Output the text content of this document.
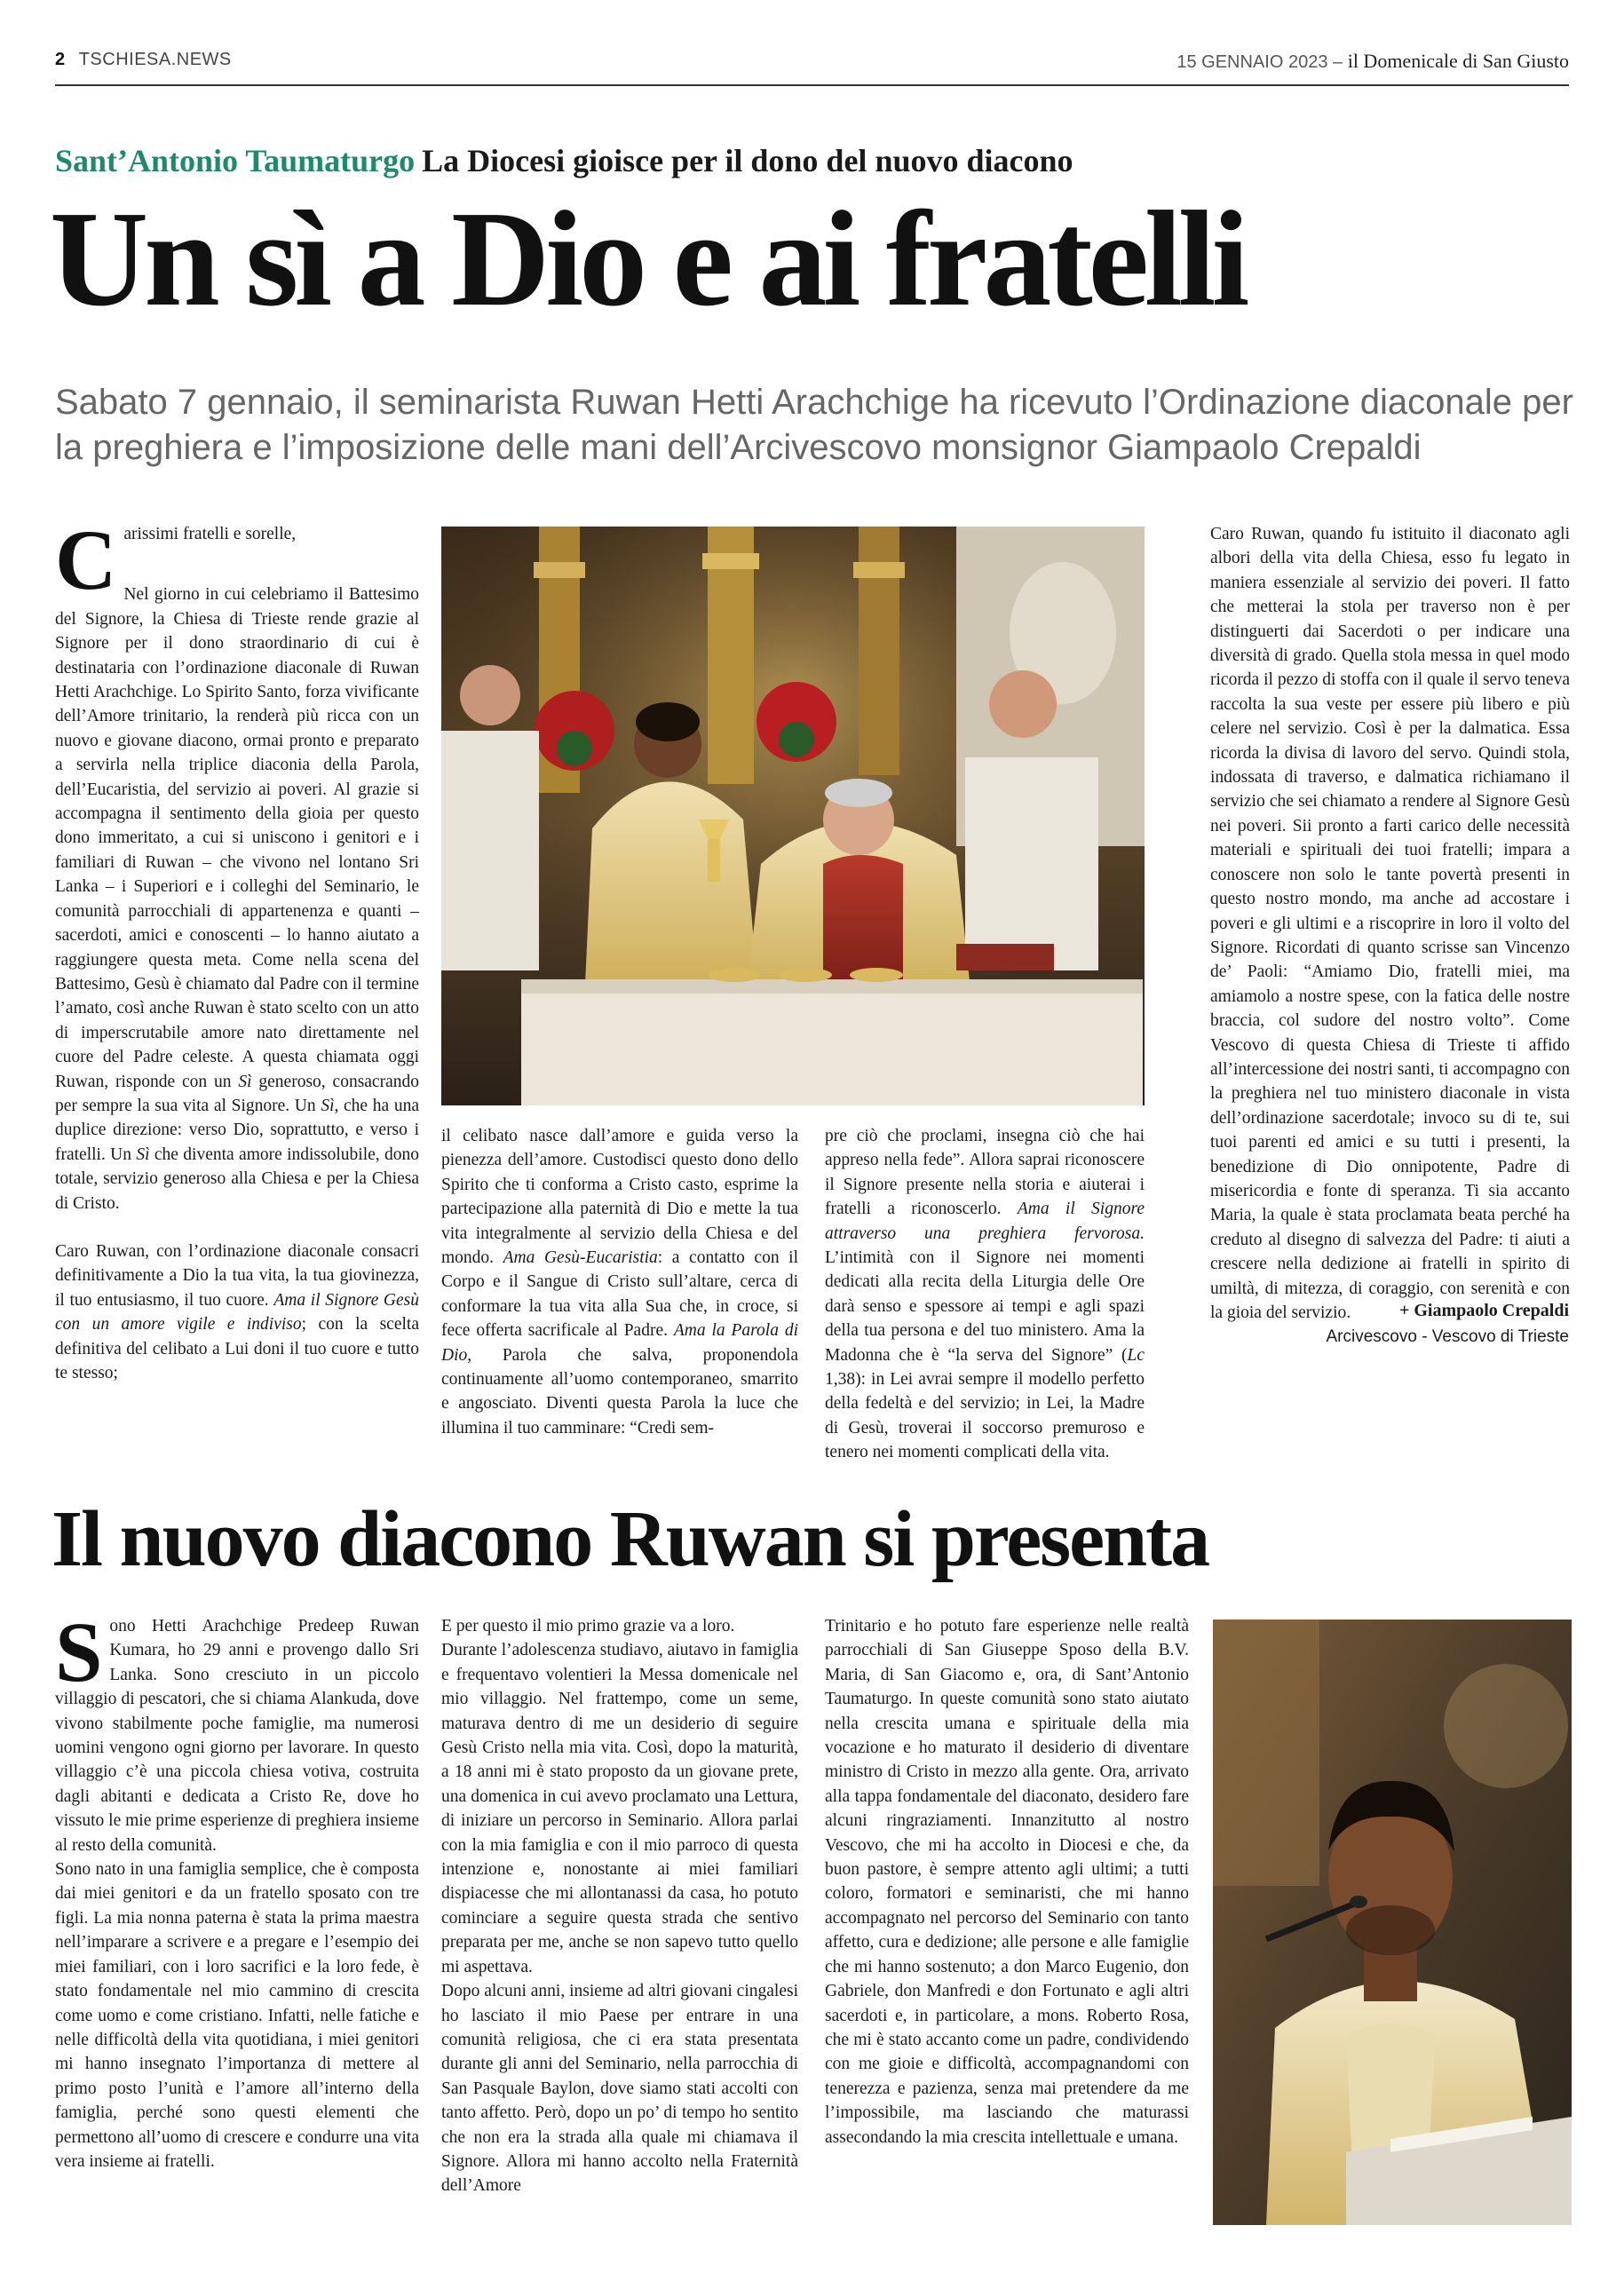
2 TSCHIESA.NEWS	15 GENNAIO 2023 – il Domenicale di San Giusto
Sant’Antonio Taumaturgo La Diocesi gioisce per il dono del nuovo diacono
Un sì a Dio e ai fratelli
Sabato 7 gennaio, il seminarista Ruwan Hetti Arachchige ha ricevuto l’Ordinazione diaconale per la preghiera e l’imposizione delle mani dell’Arcivescovo monsignor Giampaolo Crepaldi
C arissimi fratelli e sorelle,

Nel giorno in cui celebriamo il Battesimo del Signore, la Chiesa di Trieste rende grazie al Signore per il dono straordinario di cui è destinataria con l’ordinazione diaconale di Ruwan Hetti Arachchige. Lo Spirito Santo, forza vivificante dell’Amore trinitario, la renderà più ricca con un nuovo e giovane diacono, ormai pronto e preparato a servirla nella triplice diaconia della Parola, dell’Eucaristia, del servizio ai poveri. Al grazie si accompagna il sentimento della gioia per questo dono immeritato, a cui si uniscono i genitori e i familiari di Ruwan – che vivono nel lontano Sri Lanka – i Superiori e i colleghi del Seminario, le comunità parrocchiali di appartenenza e quanti – sacerdoti, amici e conoscenti – lo hanno aiutato a raggiungere questa meta. Come nella scena del Battesimo, Gesù è chiamato dal Padre con il termine l’amato, così anche Ruwan è stato scelto con un atto di imperscrutabile amore nato direttamente nel cuore del Padre celeste. A questa chiamata oggi Ruwan, risponde con un Sì generoso, consacrando per sempre la sua vita al Signore. Un Sì, che ha una duplice direzione: verso Dio, soprattutto, e verso i fratelli. Un Sì che diventa amore indissolubile, dono totale, servizio generoso alla Chiesa e per la Chiesa di Cristo.

Caro Ruwan, con l’ordinazione diaconale consacri definitivamente a Dio la tua vita, la tua giovinezza, il tuo entusiasmo, il tuo cuore. Ama il Signore Gesù con un amore vigile e indiviso; con la scelta definitiva del celibato a Lui doni il tuo cuore e tutto te stesso;

il celibato nasce dall’amore e guida verso la pienezza dell’amore. Custodisci questo dono dello Spirito che ti conforma a Cristo casto, esprime la partecipazione alla paternità di Dio e mette la tua vita integralmente al servizio della Chiesa e del mondo. Ama Gesù-Eucaristia: a contatto con il Corpo e il Sangue di Cristo sull’altare, cerca di conformare la tua vita alla Sua che, in croce, si fece offerta sacrificale al Padre. Ama la Parola di Dio, Parola che salva, proponendola continuamente all’uomo contemporaneo, smarrito e angosciato. Diventi questa Parola la luce che illumina il tuo camminare: “Credi sem-

pre ciò che proclami, insegna ciò che hai appreso nella fede”. Allora saprai riconoscere il Signore presente nella storia e aiuterai i fratelli a riconoscerlo. Ama il Signore attraverso una preghiera fervorosa. L’intimità con il Signore nei momenti dedicati alla recita della Liturgia delle Ore darà senso e spessore ai tempi e agli spazi della tua persona e del tuo ministero. Ama la Madonna che è “la serva del Signore” (Lc 1,38): in Lei avrai sempre il modello perfetto della fedeltà e del servizio; in Lei, la Madre di Gesù, troverai il soccorso premuroso e tenero nei momenti complicati della vita.

Caro Ruwan, quando fu istituito il diaconato agli albori della vita della Chiesa, esso fu legato in maniera essenziale al servizio dei poveri. Il fatto che metterai la stola per traverso non è per distinguerti dai Sacerdoti o per indicare una diversità di grado. Quella stola messa in quel modo ricorda il pezzo di stoffa con il quale il servo teneva raccolta la sua veste per essere più libero e più celere nel servizio. Così è per la dalmatica. Essa ricorda la divisa di lavoro del servo. Quindi stola, indossata di traverso, e dalmatica richiamano il servizio che sei chiamato a rendere al Signore Gesù nei poveri. Sii pronto a farti carico delle necessità materiali e spirituali dei tuoi fratelli; impara a conoscere non solo le tante povertà presenti in questo nostro mondo, ma anche ad accostare i poveri e gli ultimi e a riscoprire in loro il volto del Signore. Ricordati di quanto scrisse san Vincenzo de’ Paoli: “Amiamo Dio, fratelli miei, ma amiamolo a nostre spese, con la fatica delle nostre braccia, col sudore del nostro volto”. Come Vescovo di questa Chiesa di Trieste ti affido all’intercessione dei nostri santi, ti accompagno con la preghiera nel tuo ministero diaconale in vista dell’ordinazione sacerdotale; invoco su di te, sui tuoi parenti ed amici e su tutti i presenti, la benedizione di Dio onnipotente, Padre di misericordia e fonte di speranza. Ti sia accanto Maria, la quale è stata proclamata beata perché ha creduto al disegno di salvezza del Padre: ti aiuti a crescere nella dedizione ai fratelli in spirito di umiltà, di mitezza, di coraggio, con serenità e con la gioia del servizio.	+ Giampaolo Crepaldi
Arcivescovo - Vescovo di Trieste
Il nuovo diacono Ruwan si presenta
S ono Hetti Arachchige Predeep Ruwan Kumara, ho 29 anni e provengo dallo Sri Lanka. Sono cresciuto in un piccolo villaggio di pescatori, che si chiama Alankuda, dove vivono stabilmente poche famiglie, ma numerosi uomini vengono ogni giorno per lavorare. In questo villaggio c’è una piccola chiesa votiva, costruita dagli abitanti e dedicata a Cristo Re, dove ho vissuto le mie prime esperienze di preghiera insieme al resto della comunità.

Sono nato in una famiglia semplice, che è composta dai miei genitori e da un fratello sposato con tre figli. La mia nonna paterna è stata la prima maestra nell’imparare a scrivere e a pregare e l’esempio dei miei familiari, con i loro sacrifici e la loro fede, è stato fondamentale nel mio cammino di crescita come uomo e come cristiano. Infatti, nelle fatiche e nelle difficoltà della vita quotidiana, i miei genitori mi hanno insegnato l’importanza di mettere al primo posto l’unità e l’amore all’interno della famiglia, perché sono questi elementi che permettono all’uomo di crescere e condurre una vita vera insieme ai fratelli.

E per questo il mio primo grazie va a loro.

Durante l’adolescenza studiavo, aiutavo in famiglia e frequentavo volentieri la Messa domenicale nel mio villaggio. Nel frattempo, come un seme, maturava dentro di me un desiderio di seguire Gesù Cristo nella mia vita. Così, dopo la maturità, a 18 anni mi è stato proposto da un giovane prete, una domenica in cui avevo proclamato una Lettura, di iniziare un percorso in Seminario. Allora parlai con la mia famiglia e con il mio parroco di questa intenzione e, nonostante ai miei familiari dispiacesse che mi allontanassi da casa, ho potuto cominciare a seguire questa strada che sentivo preparata per me, anche se non sapevo tutto quello mi aspettava.

Dopo alcuni anni, insieme ad altri giovani cingalesi ho lasciato il mio Paese per entrare in una comunità religiosa, che ci era stata presentata durante gli anni del Seminario, nella parrocchia di San Pasquale Baylon, dove siamo stati accolti con tanto affetto. Però, dopo un po’ di tempo ho sentito che non era la strada alla quale mi chiamava il Signore. Allora mi hanno accolto nella Fraternità dell’Amore

Trinitario e ho potuto fare esperienze nelle realtà parrocchiali di San Giuseppe Sposo della B.V. Maria, di San Giacomo e, ora, di Sant’Antonio Taumaturgo. In queste comunità sono stato aiutato nella crescita umana e spirituale della mia vocazione e ho maturato il desiderio di diventare ministro di Cristo in mezzo alla gente. Ora, arrivato alla tappa fondamentale del diaconato, desidero fare alcuni ringraziamenti. Innanzitutto al nostro Vescovo, che mi ha accolto in Diocesi e che, da buon pastore, è sempre attento agli ultimi; a tutti coloro, formatori e seminaristi, che mi hanno accompagnato nel percorso del Seminario con tanto affetto, cura e dedizione; alle persone e alle famiglie che mi hanno sostenuto; a don Marco Eugenio, don Gabriele, don Manfredi e don Fortunato e agli altri sacerdoti e, in particolare, a mons. Roberto Rosa, che mi è stato accanto come un padre, condividendo con me gioie e difficoltà, accompagnandomi con tenerezza e pazienza, senza mai pretendere da me l’impossibile, ma lasciando che maturassi assecondando la mia crescita intellettuale e umana.
